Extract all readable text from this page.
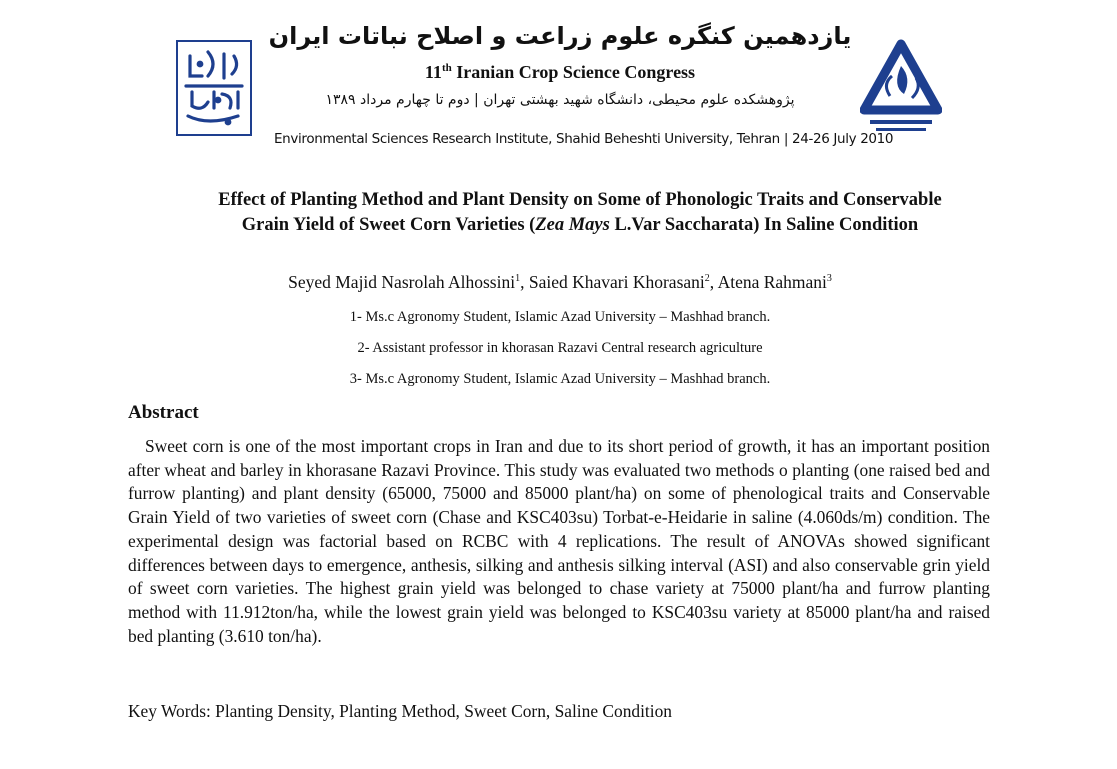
یازدهمین کنگره علوم زراعت و اصلاح نباتات ایران
11th Iranian Crop Science Congress
پژوهشکده علوم محیطی، دانشگاه شهید بهشتی تهران | دوم تا چهارم مرداد ۱۳۸۹
Environmental Sciences Research Institute, Shahid Beheshti University, Tehran | 24-26 July 2010
Effect of Planting Method and Plant Density on Some of Phonologic Traits and Conservable
Grain Yield of Sweet Corn Varieties (Zea Mays L.Var Saccharata) In Saline Condition
Seyed Majid Nasrolah Alhossini$^1$, Saied Khavari Khorasani$^2$, Atena Rahmani$^3$
1- Ms.c Agronomy Student, Islamic Azad University – Mashhad branch.
2- Assistant professor in khorasan Razavi Central research agriculture
3- Ms.c Agronomy Student, Islamic Azad University – Mashhad branch.
Abstract
Sweet corn is one of the most important crops in Iran and due to its short period of growth, it has an important position after wheat and barley in khorasane Razavi Province. This study was evaluated two methods o planting (one raised bed and furrow planting) and plant density (65000, 75000 and 85000 plant/ha) on some of phenological traits and Conservable Grain Yield of two varieties of sweet corn (Chase and KSC403su) Torbat-e-Heidarie in saline (4.060ds/m) condition. The experimental design was factorial based on RCBC with 4 replications. The result of ANOVAs showed significant differences between days to emergence, anthesis, silking and anthesis silking interval (ASI) and also conservable grin yield of sweet corn varieties. The highest grain yield was belonged to chase variety at 75000 plant/ha and furrow planting method with 11.912ton/ha, while the lowest grain yield was belonged to KSC403su variety at 85000 plant/ha and raised bed planting (3.610 ton/ha).
Key Words: Planting Density, Planting Method, Sweet Corn, Saline Condition
